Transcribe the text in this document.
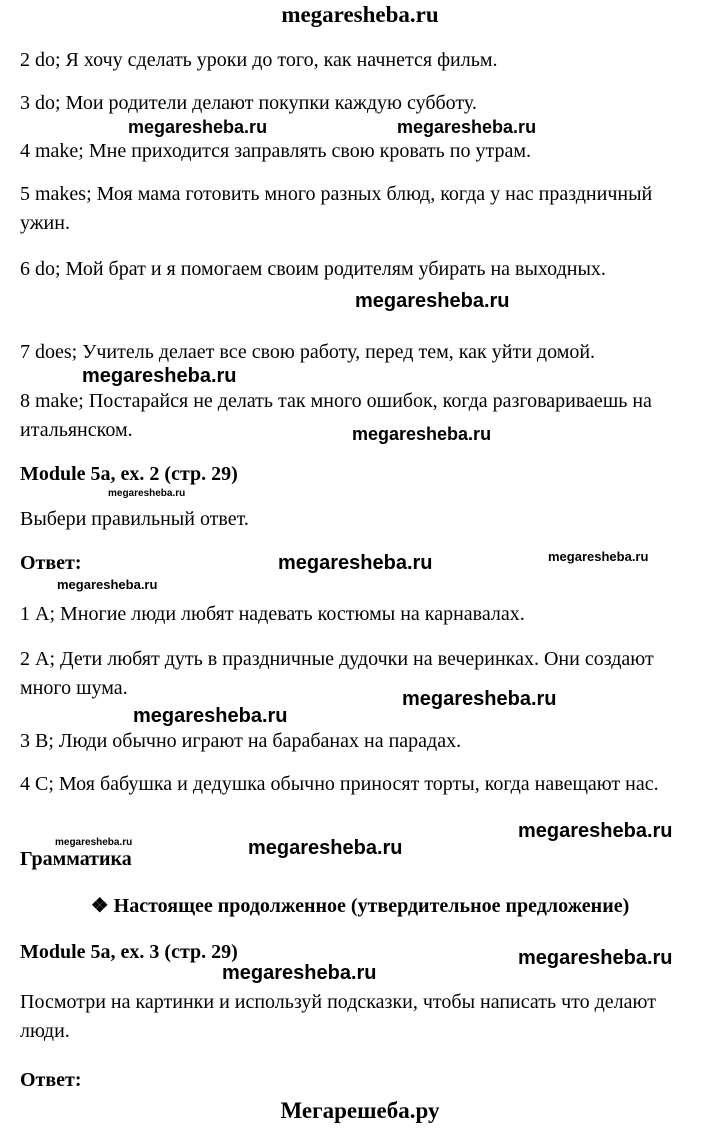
megaresheba.ru
2 do; Я хочу сделать уроки до того, как начнется фильм.
3 do; Мои родители делают покупки каждую субботу.
megaresheba.ru	megaresheba.ru
4 make; Мне приходится заправлять свою кровать по утрам.
5 makes; Моя мама готовить много разных блюд, когда у нас праздничный ужин.
6 do; Мой брат и я помогаем своим родителям убирать на выходных.
megaresheba.ru
7 does; Учитель делает все свою работу, перед тем, как уйти домой.
megaresheba.ru
8 make; Постарайся не делать так много ошибок, когда разговариваешь на итальянском.	megaresheba.ru
Module 5a, ex. 2 (стр. 29)
megaresheba.ru
Выбери правильный ответ.
Ответ:	megaresheba.ru	megaresheba.ru
megaresheba.ru
1 А; Многие люди любят надевать костюмы на карнавалах.
2 А; Дети любят дуть в праздничные дудочки на вечеринках. Они создают много шума.	megaresheba.ru
megaresheba.ru
3 В; Люди обычно играют на барабанах на парадах.
4 С; Моя бабушка и дедушка обычно приносят торты, когда навещают нас.
megaresheba.ru
megaresheba.ru
Грамматика	megaresheba.ru
❖ Настоящее продолженное (утвердительное предложение)
Module 5a, ex. 3 (стр. 29)	megaresheba.ru
megaresheba.ru
Посмотри на картинки и используй подсказки, чтобы написать что делают люди.
Ответ:
Мегарешеба.ру
